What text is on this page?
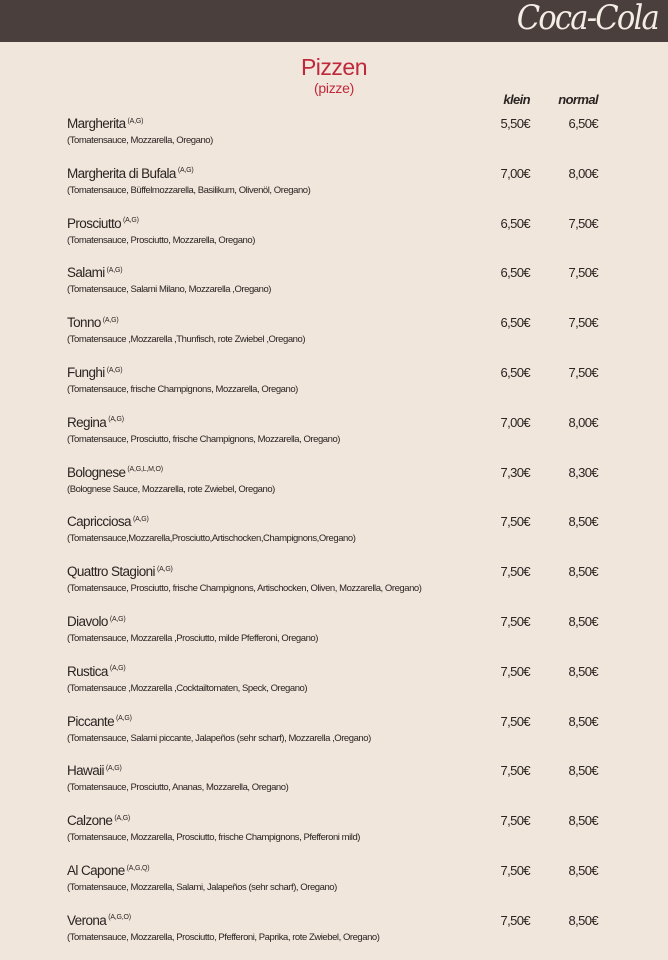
Coca-Cola
Pizzen
(pizze)
klein normal
Margherita $^{(A,G)}$
(Tomatensauce, Mozzarella, Oregano)
5,50€	6,50€
Margherita di Bufala $^{(A,G)}$
(Tomatensauce, Büffelmozzarella, Basilikum, Olivenöl, Oregano)
7,00€	8,00€
Prosciutto $^{(A,G)}$
(Tomatensauce, Prosciutto, Mozzarella, Oregano)
6,50€	7,50€
Salami $^{(A,G)}$
(Tomatensauce, Salami Milano, Mozzarella ,Oregano)
6,50€	7,50€
Tonno $^{(A,G)}$
(Tomatensauce ,Mozzarella ,Thunfisch, rote Zwiebel ,Oregano)
6,50€	7,50€
Funghi $^{(A,G)}$
(Tomatensauce, frische Champignons, Mozzarella, Oregano)
6,50€	7,50€
Regina $^{(A,G)}$
(Tomatensauce, Prosciutto, frische Champignons, Mozzarella, Oregano)
7,00€	8,00€
Bolognese $^{(A,G,L,M,O)}$
(Bolognese Sauce, Mozzarella, rote Zwiebel, Oregano)
7,30€	8,30€
Capricciosa $^{(A,G)}$
(Tomatensauce,Mozzarella,Prosciutto,Artischocken,Champignons,Oregano)
7,50€	8,50€
Quattro Stagioni $^{(A,G)}$
(Tomatensauce, Prosciutto, frische Champignons, Artischocken, Oliven, Mozzarella, Oregano)
7,50€	8,50€
Diavolo $^{(A,G)}$
(Tomatensauce, Mozzarella ,Prosciutto, milde Pfefferoni, Oregano)
7,50€	8,50€
Rustica $^{(A,G)}$
(Tomatensauce ,Mozzarella ,Cocktailtomaten, Speck, Oregano)
7,50€	8,50€
Piccante $^{(A,G)}$
(Tomatensauce, Salami piccante, Jalapeños (sehr scharf), Mozzarella ,Oregano)
7,50€	8,50€
Hawaii $^{(A,G)}$
(Tomatensauce, Prosciutto, Ananas, Mozzarella, Oregano)
7,50€	8,50€
Calzone $^{(A,G)}$
(Tomatensauce, Mozzarella, Prosciutto, frische Champignons, Pfefferoni mild)
7,50€	8,50€
Al Capone $^{(A,G,Q)}$
(Tomatensauce, Mozzarella, Salami, Jalapeños (sehr scharf), Oregano)
7,50€	8,50€
Verona $^{(A,G,O)}$
(Tomatensauce, Mozzarella, Prosciutto, Pfefferoni, Paprika, rote Zwiebel, Oregano)
7,50€	8,50€
